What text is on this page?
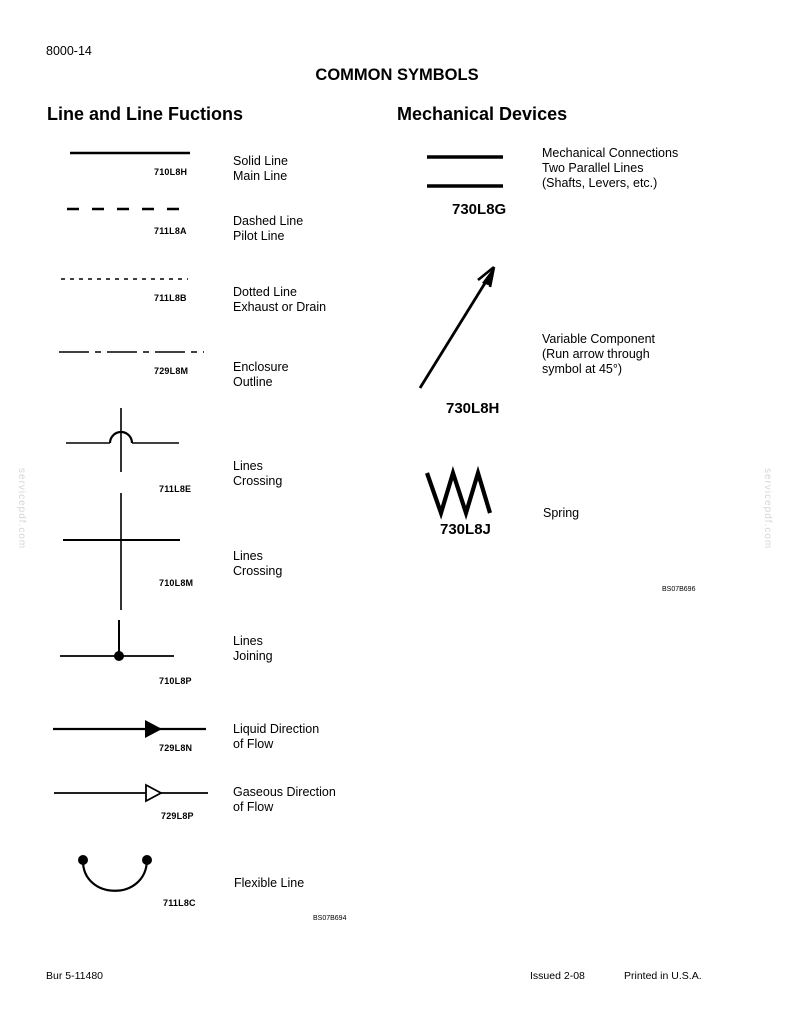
8000-14
COMMON SYMBOLS
Line and Line Fuctions	Mechanical Devices
servicepdf.com	servicepdf.com
710L8H
Solid Line
Main Line
711L8A
Dashed Line
Pilot Line
711L8B	Dotted Line
Exhaust or Drain
729L8M	Enclosure
Outline
711L8E
Lines
Crossing
710L8M
Lines
Crossing
710L8P
Lines
Joining
729L8N
Liquid Direction
of Flow
729L8P
Gaseous Direction
of Flow
711L8C
Flexible Line
BS07B694
730L8G
Mechanical Connections
Two Parallel Lines
(Shafts, Levers, etc.)
730L8H
Variable Component
(Run arrow through
symbol at 45°)
730L8J
Spring
BS07B696
Bur 5-11480	Issued 2-08	Printed in U.S.A.
